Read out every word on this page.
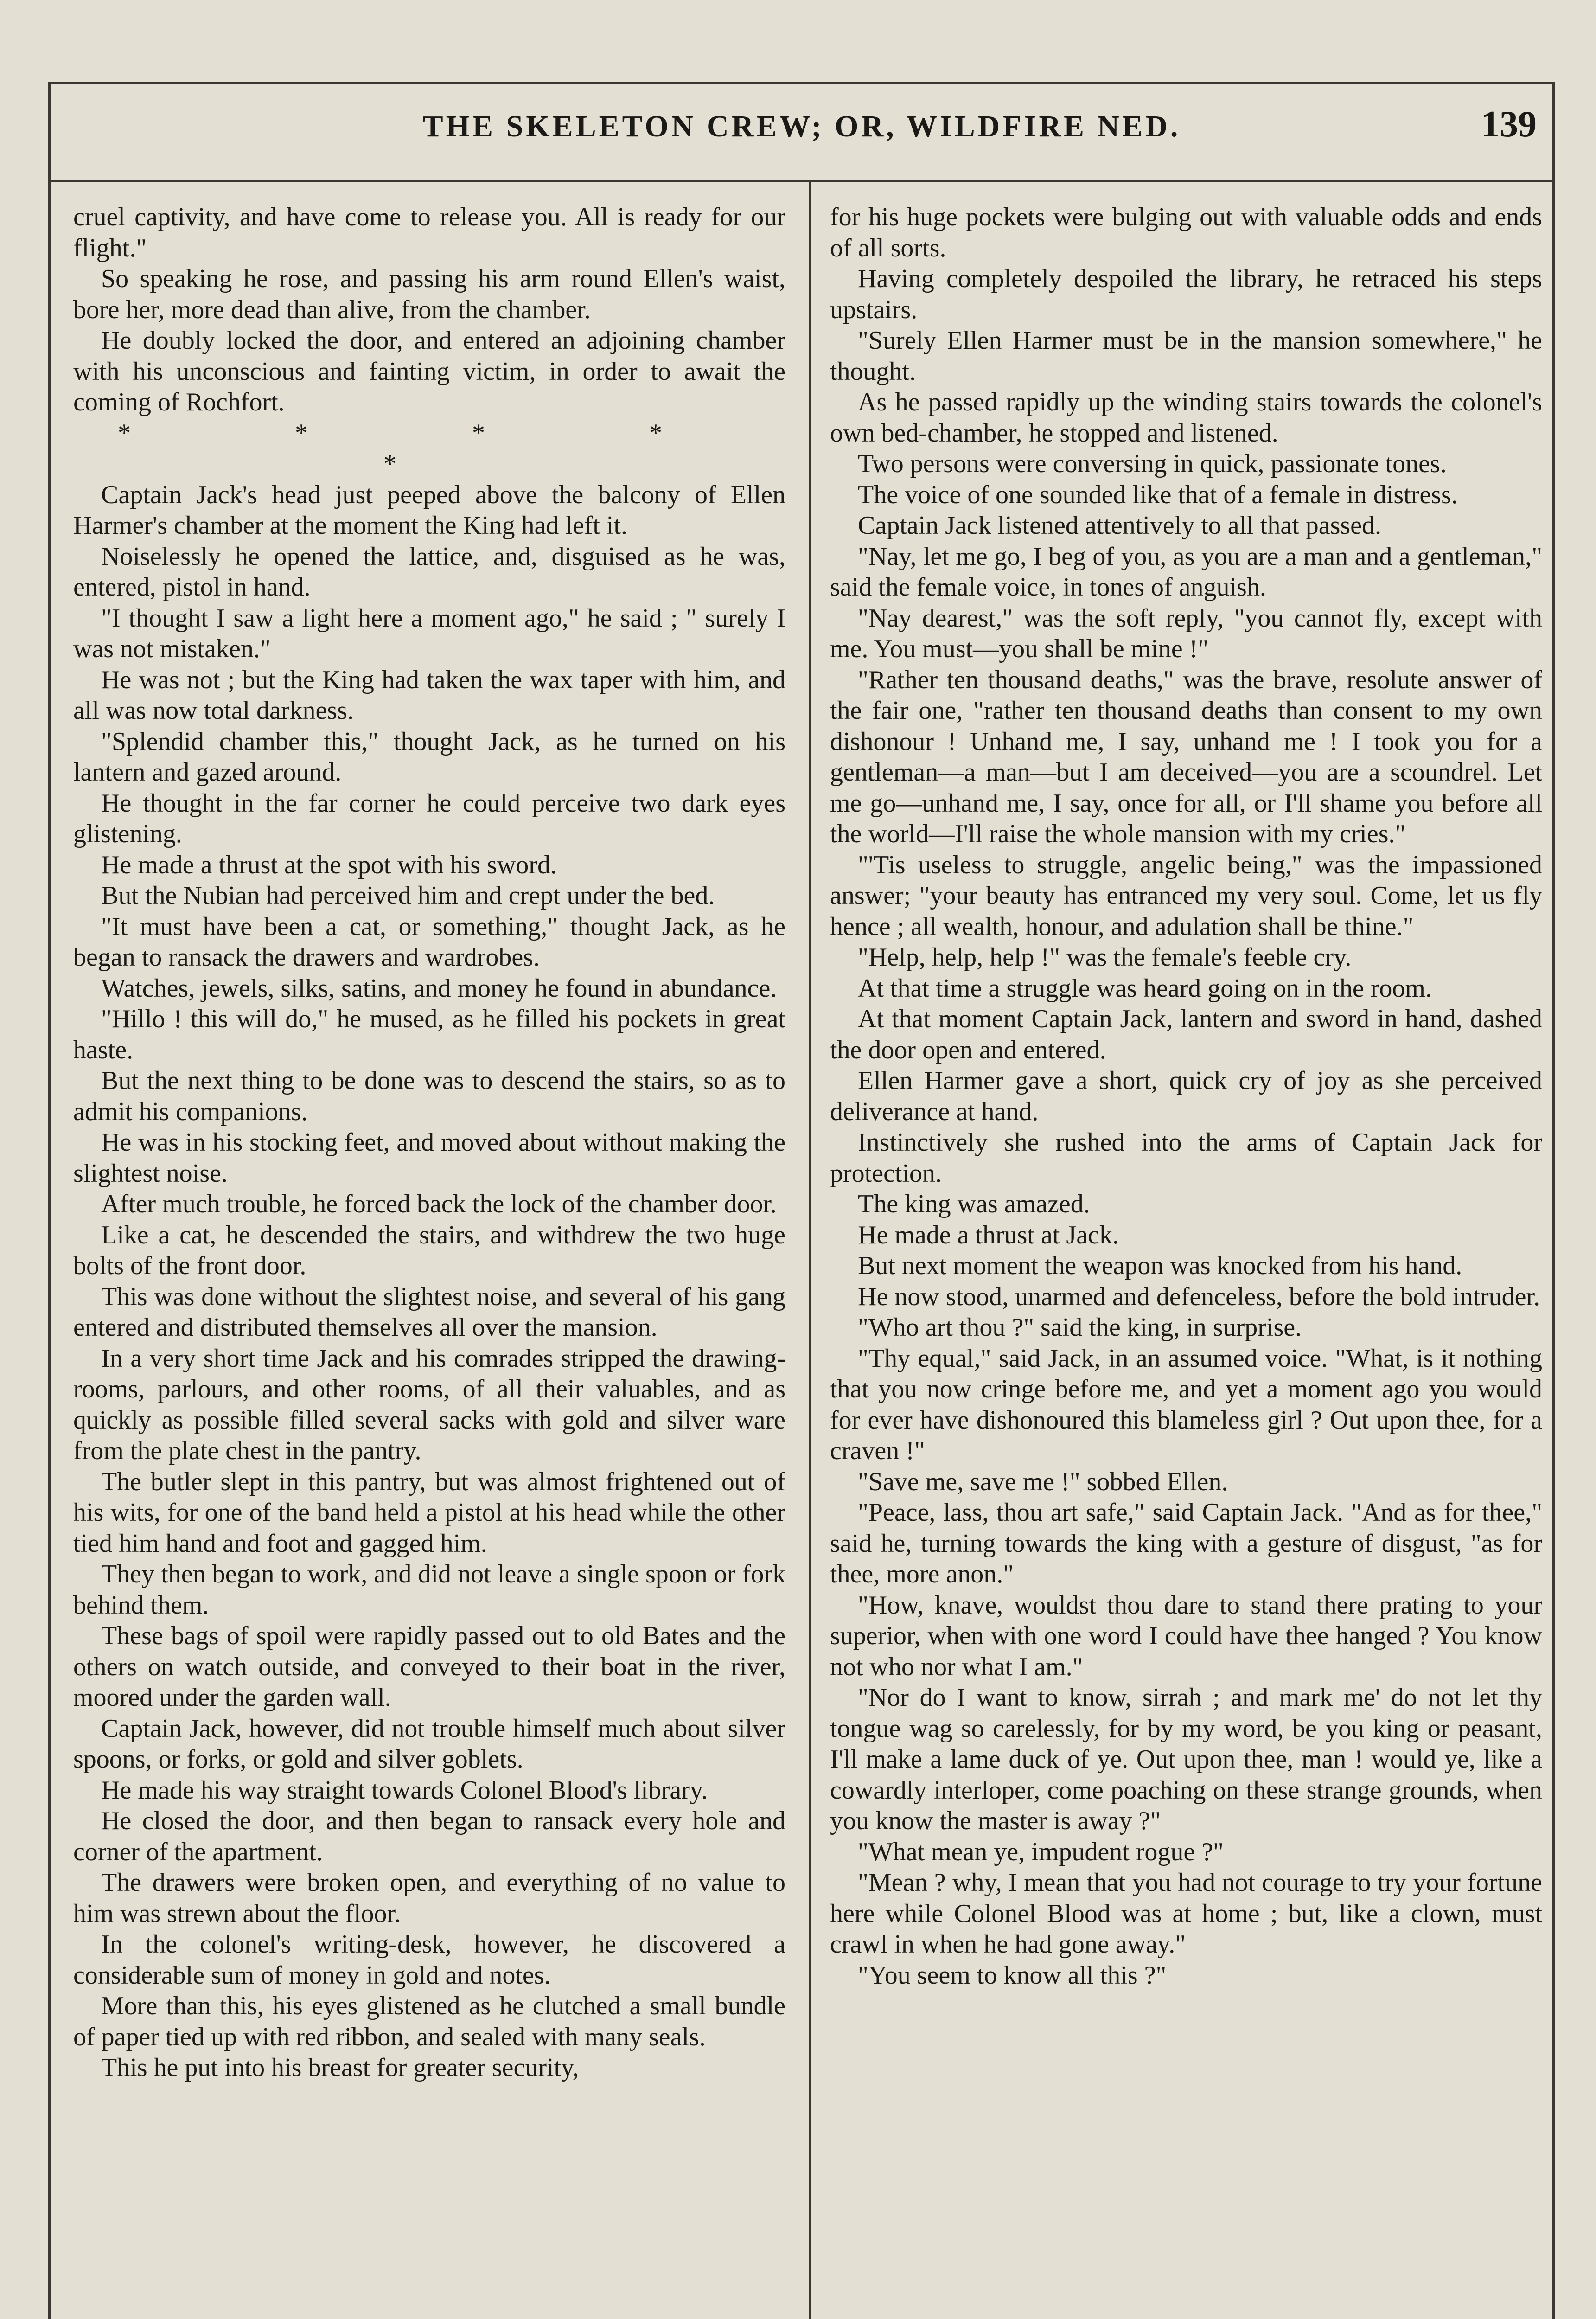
THE SKELETON CREW; OR, WILDFIRE NED.	139

cruel captivity, and have come to release you. All is ready for our flight."

So speaking he rose, and passing his arm round Ellen's waist, bore her, more dead than alive, from the chamber.

He doubly locked the door, and entered an adjoining chamber with his unconscious and fainting victim, in order to await the coming of Rochfort.

* * * * *

Captain Jack's head just peeped above the balcony of Ellen Harmer's chamber at the moment the King had left it.

Noiselessly he opened the lattice, and, disguised as he was, entered, pistol in hand.

"I thought I saw a light here a moment ago," he said ; " surely I was not mistaken."

He was not ; but the King had taken the wax taper with him, and all was now total darkness.

"Splendid chamber this," thought Jack, as he turned on his lantern and gazed around.

He thought in the far corner he could perceive two dark eyes glistening.

He made a thrust at the spot with his sword.

But the Nubian had perceived him and crept under the bed.

"It must have been a cat, or something," thought Jack, as he began to ransack the drawers and wardrobes.

Watches, jewels, silks, satins, and money he found in abundance.

"Hillo ! this will do," he mused, as he filled his pockets in great haste.

But the next thing to be done was to descend the stairs, so as to admit his companions.

He was in his stocking feet, and moved about without making the slightest noise.

After much trouble, he forced back the lock of the chamber door.

Like a cat, he descended the stairs, and withdrew the two huge bolts of the front door.

This was done without the slightest noise, and several of his gang entered and distributed themselves all over the mansion.

In a very short time Jack and his comrades stripped the drawing-rooms, parlours, and other rooms, of all their valuables, and as quickly as possible filled several sacks with gold and silver ware from the plate chest in the pantry.

The butler slept in this pantry, but was almost frightened out of his wits, for one of the band held a pistol at his head while the other tied him hand and foot and gagged him.

They then began to work, and did not leave a single spoon or fork behind them.

These bags of spoil were rapidly passed out to old Bates and the others on watch outside, and conveyed to their boat in the river, moored under the garden wall.

Captain Jack, however, did not trouble himself much about silver spoons, or forks, or gold and silver goblets.

He made his way straight towards Colonel Blood's library.

He closed the door, and then began to ransack every hole and corner of the apartment.

The drawers were broken open, and everything of no value to him was strewn about the floor.

In the colonel's writing-desk, however, he discovered a considerable sum of money in gold and notes.

More than this, his eyes glistened as he clutched a small bundle of paper tied up with red ribbon, and sealed with many seals.

This he put into his breast for greater security,

for his huge pockets were bulging out with valuable odds and ends of all sorts.

Having completely despoiled the library, he retraced his steps upstairs.

"Surely Ellen Harmer must be in the mansion somewhere," he thought.

As he passed rapidly up the winding stairs towards the colonel's own bed-chamber, he stopped and listened.

Two persons were conversing in quick, passionate tones.

The voice of one sounded like that of a female in distress.

Captain Jack listened attentively to all that passed.

"Nay, let me go, I beg of you, as you are a man and a gentleman," said the female voice, in tones of anguish.

"Nay dearest," was the soft reply, "you cannot fly, except with me. You must—you shall be mine !"

"Rather ten thousand deaths," was the brave, resolute answer of the fair one, "rather ten thousand deaths than consent to my own dishonour ! Unhand me, I say, unhand me ! I took you for a gentleman—a man—but I am deceived—you are a scoundrel. Let me go—unhand me, I say, once for all, or I'll shame you before all the world—I'll raise the whole mansion with my cries."

"'Tis useless to struggle, angelic being," was the impassioned answer; "your beauty has entranced my very soul. Come, let us fly hence ; all wealth, honour, and adulation shall be thine."

"Help, help, help !" was the female's feeble cry.

At that time a struggle was heard going on in the room.

At that moment Captain Jack, lantern and sword in hand, dashed the door open and entered.

Ellen Harmer gave a short, quick cry of joy as she perceived deliverance at hand.

Instinctively she rushed into the arms of Captain Jack for protection.

The king was amazed.

He made a thrust at Jack.

But next moment the weapon was knocked from his hand.

He now stood, unarmed and defenceless, before the bold intruder.

"Who art thou ?" said the king, in surprise.

"Thy equal," said Jack, in an assumed voice. "What, is it nothing that you now cringe before me, and yet a moment ago you would for ever have dishonoured this blameless girl ? Out upon thee, for a craven !"

"Save me, save me !" sobbed Ellen.

"Peace, lass, thou art safe," said Captain Jack. "And as for thee," said he, turning towards the king with a gesture of disgust, "as for thee, more anon."

"How, knave, wouldst thou dare to stand there prating to your superior, when with one word I could have thee hanged ? You know not who nor what I am."

"Nor do I want to know, sirrah ; and mark me' do not let thy tongue wag so carelessly, for by my word, be you king or peasant, I'll make a lame duck of ye. Out upon thee, man ! would ye, like a cowardly interloper, come poaching on these strange grounds, when you know the master is away ?"

"What mean ye, impudent rogue ?"

"Mean ? why, I mean that you had not courage to try your fortune here while Colonel Blood was at home ; but, like a clown, must crawl in when he had gone away."

"You seem to know all this ?"
